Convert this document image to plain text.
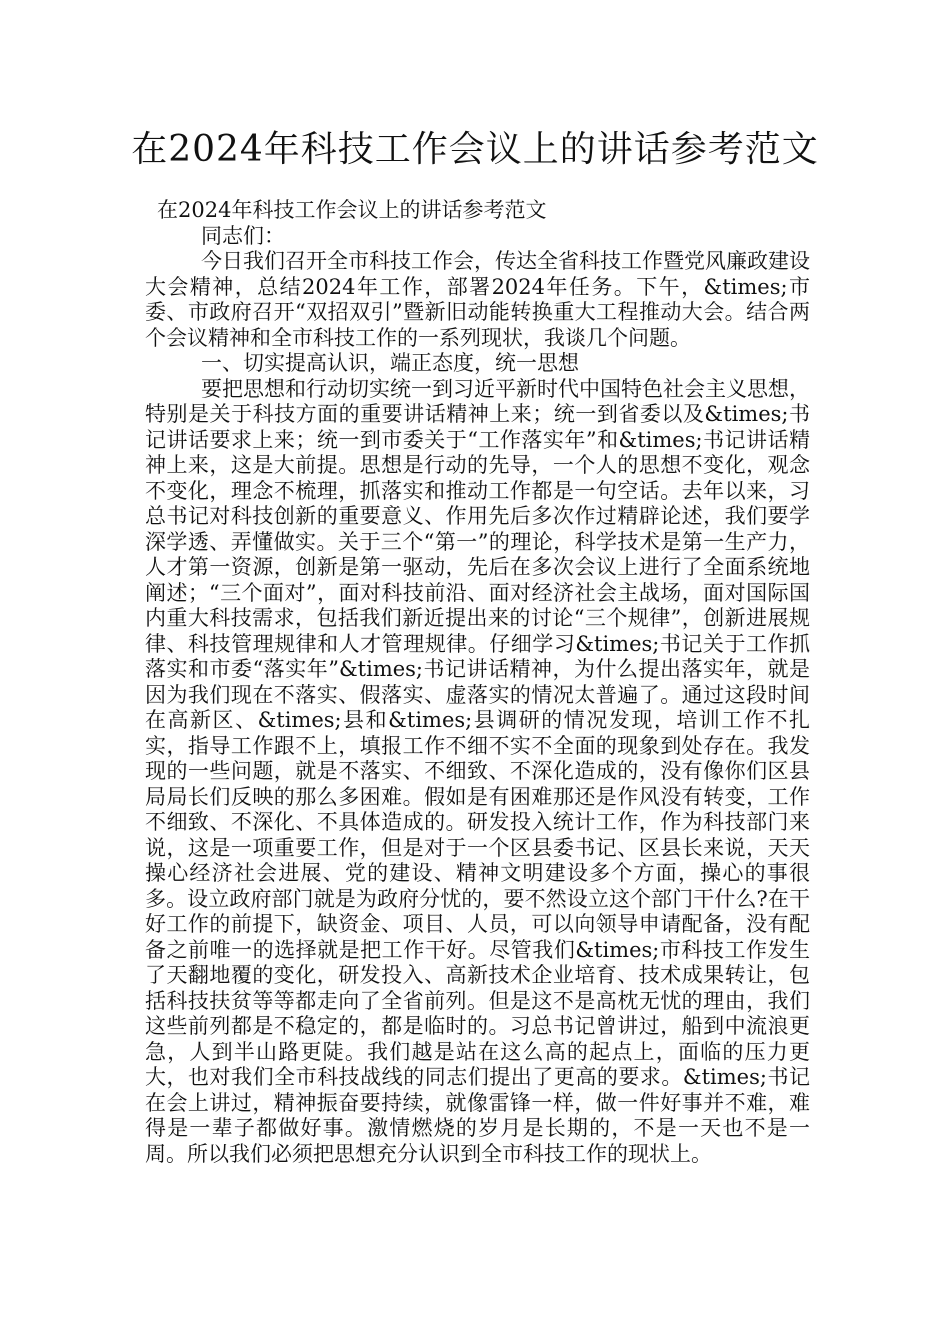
在2024年科技工作会议上的讲话参考范文
在2024年科技工作会议上的讲话参考范文

同志们：

今日我们召开全市科技工作会，传达全省科技工作暨党风廉政建设大会精神，总结2024年工作，部署2024年任务。下午，&times;市委、市政府召开“双招双引”暨新旧动能转换重大工程推动大会。结合两个会议精神和全市科技工作的一系列现状，我谈几个问题。

一、切实提高认识，端正态度，统一思想

要把思想和行动切实统一到习近平新时代中国特色社会主义思想，特别是关于科技方面的重要讲话精神上来；统一到省委以及&times;书记讲话要求上来；统一到市委关于“工作落实年”和&times;书记讲话精神上来，这是大前提。思想是行动的先导，一个人的思想不变化，观念不变化，理念不梳理，抓落实和推动工作都是一句空话。去年以来，习总书记对科技创新的重要意义、作用先后多次作过精辟论述，我们要学深学透、弄懂做实。关于三个“第一”的理论，科学技术是第一生产力，人才第一资源，创新是第一驱动，先后在多次会议上进行了全面系统地阐述；“三个面对”，面对科技前沿、面对经济社会主战场，面对国际国内重大科技需求，包括我们新近提出来的讨论“三个规律”，创新进展规律、科技管理规律和人才管理规律。仔细学习&times;书记关于工作抓落实和市委“落实年”&times;书记讲话精神，为什么提出落实年，就是因为我们现在不落实、假落实、虚落实的情况太普遍了。通过这段时间在高新区、&times;县和&times;县调研的情况发现，培训工作不扎实，指导工作跟不上，填报工作不细不实不全面的现象到处存在。我发现的一些问题，就是不落实、不细致、不深化造成的，没有像你们区县局局长们反映的那么多困难。假如是有困难那还是作风没有转变，工作不细致、不深化、不具体造成的。研发投入统计工作，作为科技部门来说，这是一项重要工作，但是对于一个区县委书记、区县长来说，天天操心经济社会进展、党的建设、精神文明建设多个方面，操心的事很多。设立政府部门就是为政府分忧的，要不然设立这个部门干什么?在干好工作的前提下，缺资金、项目、人员，可以向领导申请配备，没有配备之前唯一的选择就是把工作干好。尽管我们&times;市科技工作发生了天翻地覆的变化，研发投入、高新技术企业培育、技术成果转让，包括科技扶贫等等都走向了全省前列。但是这不是高枕无忧的理由，我们这些前列都是不稳定的，都是临时的。习总书记曾讲过，船到中流浪更急，人到半山路更陡。我们越是站在这么高的起点上，面临的压力更大，也对我们全市科技战线的同志们提出了更高的要求。&times;书记在会上讲过，精神振奋要持续，就像雷锋一样，做一件好事并不难，难得是一辈子都做好事。激情燃烧的岁月是长期的，不是一天也不是一周。所以我们必须把思想充分认识到全市科技工作的现状上。
